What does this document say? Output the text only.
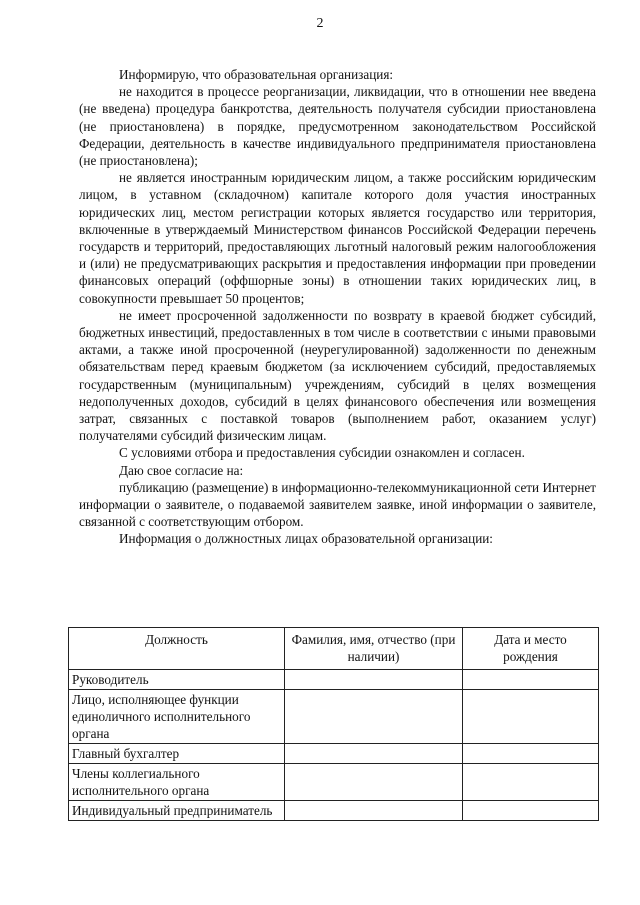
2

Информирую, что образовательная организация:

не находится в процессе реорганизации, ликвидации, что в отношении нее введена (не введена) процедура банкротства, деятельность получателя субсидии приостановлена (не приостановлена) в порядке, предусмотренном законодательством Российской Федерации, деятельность в качестве индивидуального предпринимателя приостановлена (не приостановлена);

не является иностранным юридическим лицом, а также российским юридическим лицом, в уставном (складочном) капитале которого доля участия иностранных юридических лиц, местом регистрации которых является государство или территория, включенные в утверждаемый Министерством финансов Российской Федерации перечень государств и территорий, предоставляющих льготный налоговый режим налогообложения и (или) не предусматривающих раскрытия и предоставления информации при проведении финансовых операций (оффшорные зоны) в отношении таких юридических лиц, в совокупности превышает 50 процентов;

не имеет просроченной задолженности по возврату в краевой бюджет субсидий, бюджетных инвестиций, предоставленных в том числе в соответствии с иными правовыми актами, а также иной просроченной (неурегулированной) задолженности по денежным обязательствам перед краевым бюджетом (за исключением субсидий, предоставляемых государственным (муниципальным) учреждениям, субсидий в целях возмещения недополученных доходов, субсидий в целях финансового обеспечения или возмещения затрат, связанных с поставкой товаров (выполнением работ, оказанием услуг) получателями субсидий физическим лицам.

С условиями отбора и предоставления субсидии ознакомлен и согласен.

Даю свое согласие на:

публикацию (размещение) в информационно-телекоммуникационной сети Интернет информации о заявителе, о подаваемой заявителем заявке, иной информации о заявителе, связанной с соответствующим отбором.

Информация о должностных лицах образовательной организации:

Должность	Фамилия, имя, отчество (при наличии)	Дата и место рождения
Руководитель		
Лицо, исполняющее функции единоличного исполнительного органа		
Главный бухгалтер		
Члены коллегиального исполнительного органа		
Индивидуальный предприниматель		
